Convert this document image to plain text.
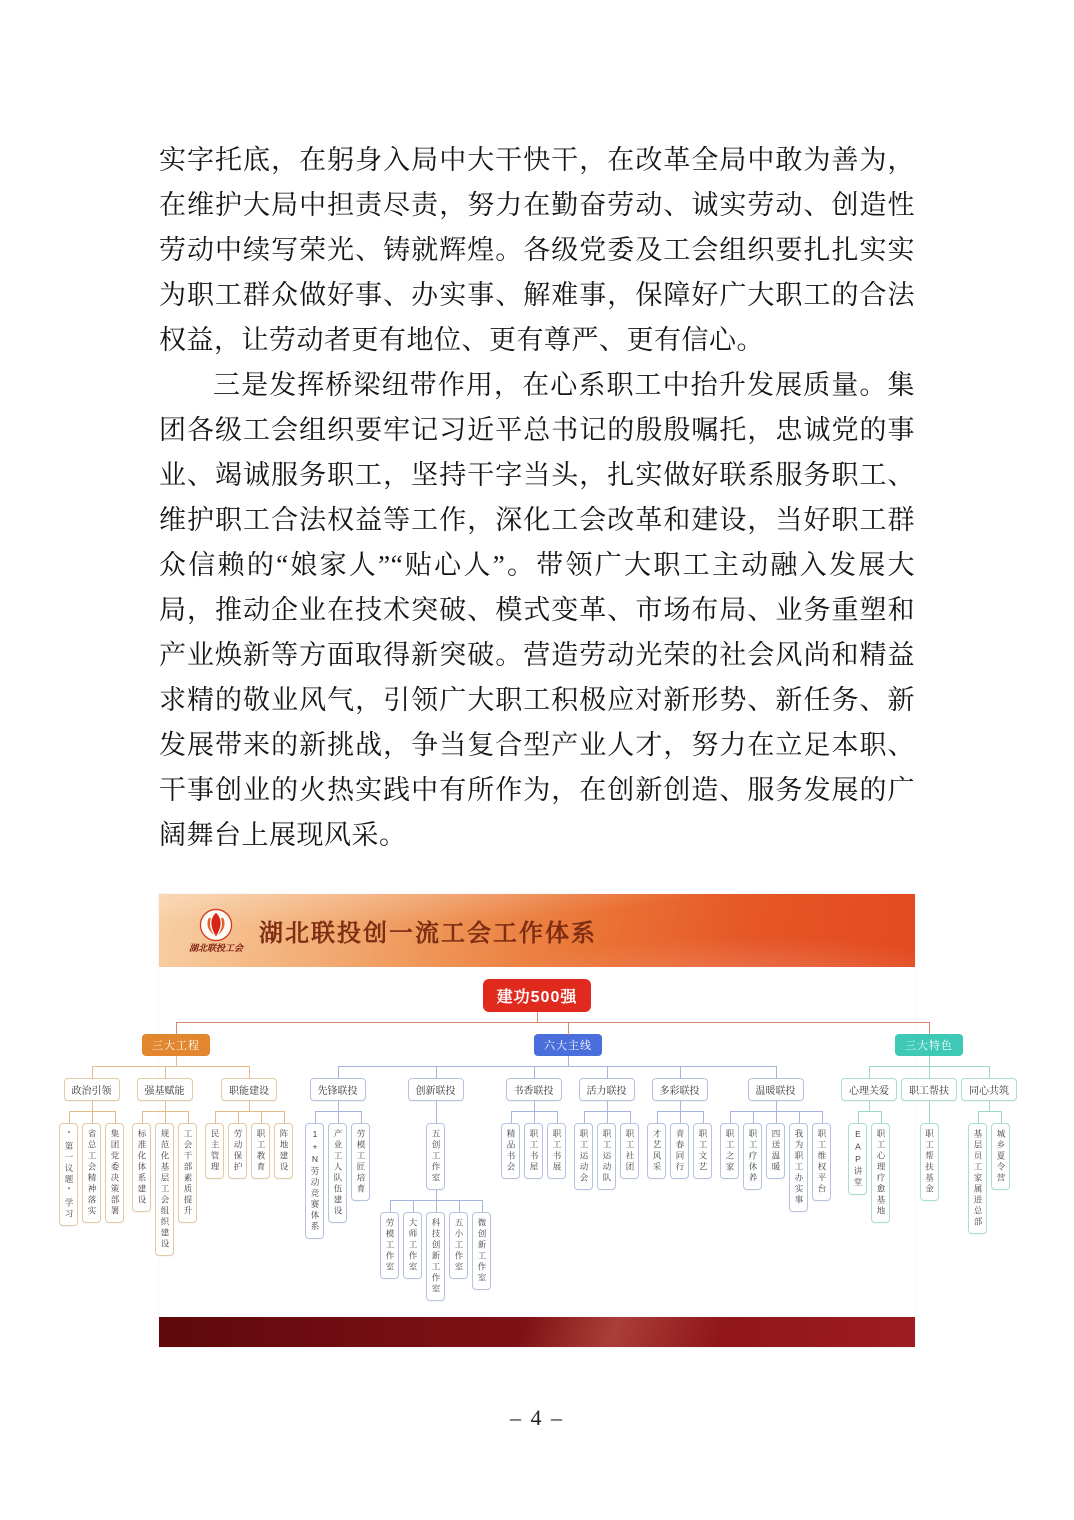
实字托底，在躬身入局中大干快干，在改革全局中敢为善为，在维护大局中担责尽责，努力在勤奋劳动、诚实劳动、创造性劳动中续写荣光、铸就辉煌。各级党委及工会组织要扎扎实实为职工群众做好事、办实事、解难事，保障好广大职工的合法权益，让劳动者更有地位、更有尊严、更有信心。

三是发挥桥梁纽带作用，在心系职工中抬升发展质量。集团各级工会组织要牢记习近平总书记的殷殷嘱托，忠诚党的事业、竭诚服务职工，坚持干字当头，扎实做好联系服务职工、维护职工合法权益等工作，深化工会改革和建设，当好职工群众信赖的“娘家人”“贴心人”。带领广大职工主动融入发展大局，推动企业在技术突破、模式变革、市场布局、业务重塑和产业焕新等方面取得新突破。营造劳动光荣的社会风尚和精益求精的敬业风气，引领广大职工积极应对新形势、新任务、新发展带来的新挑战，争当复合型产业人才，努力在立足本职、干事创业的火热实践中有所作为，在创新创造、服务发展的广阔舞台上展现风采。

湖北联投工会
湖北联投创一流工会工作体系
建功500强
三大工程
政治引领
“第一议题”学习	省总工会精神落实	集团党委决策部署
强基赋能
标准化体系建设	规范化基层工会组织建设	工会干部素质提升
职能建设
民主管理	劳动保护	职工教育	阵地建设
六大主线
先锋联投
1+N劳动竞赛体系	产业工人队伍建设	劳模工匠培育
创新联投
五创工作室
劳模工作室	大师工作室	科技创新工作室	五小工作室	微创新工作室
书香联投
精品书会	职工书屋	职工书展
活力联投
职工运动会	职工运动队	职工社团
多彩联投
才艺风采	青春同行	职工文艺
温暖联投
职工之家	职工疗休养	四送温暖	我为职工办实事	职工维权平台
三大特色
心理关爱
EAP讲堂	职工心理疗愈基地
职工帮扶
职工帮扶基金
同心共筑
基层员工家属进总部	城乡夏令营
– 4 –
